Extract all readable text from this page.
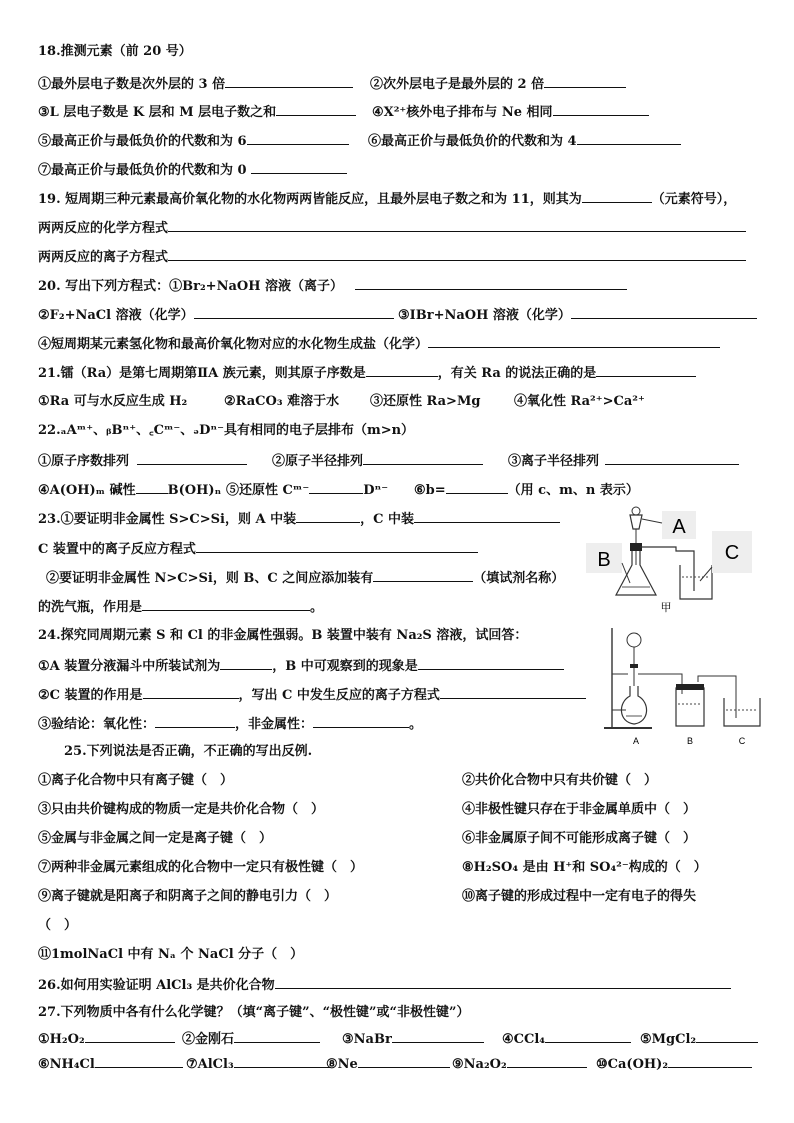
18.推测元素（前 20 号）
①最外层电子数是次外层的 3 倍	②次外层电子是最外层的 2 倍
③L 层电子数是 K 层和 M 层电子数之和	④X²⁺核外电子排布与 Ne 相同
⑤最高正价与最低负价的代数和为 6	⑥最高正价与最低负价的代数和为 4
⑦最高正价与最低负价的代数和为 0
19. 短周期三种元素最高价氧化物的水化物两两皆能反应，且最外层电子数之和为 11，则其为	（元素符号），
两两反应的化学方程式
两两反应的离子方程式
20. 写出下列方程式：①Br₂+NaOH 溶液（离子）
②F₂+NaCl 溶液（化学）	③IBr+NaOH 溶液（化学）
④短周期某元素氢化物和最高价氧化物对应的水化物生成盐（化学）
21.镭（Ra）是第七周期第ⅡA 族元素，则其原子序数是	，有关 Ra 的说法正确的是
①Ra 可与水反应生成 H₂	②RaCO₃ 难溶于水 ③还原性 Ra>Mg	④氧化性 Ra²⁺>Ca²⁺
22.ₐAᵐ⁺、ᵦBⁿ⁺、꜀Cᵐ⁻、ₔDⁿ⁻具有相同的电子层排布（m>n）
①原子序数排列	②原子半径排列	③离子半径排列
④A(OH)ₘ 碱性 B(OH)ₙ ⑤还原性 Cᵐ⁻	Dⁿ⁻ ⑥b=	（用 c、m、n 表示）
23.①要证明非金属性 S>C>Si，则 A 中装	，C 中装
C 装置中的离子反应方程式
②要证明非金属性 N>C>Si，则 B、C 之间应添加装有	（填试剂名称）
的洗气瓶，作用是	。
24.探究同周期元素 S 和 Cl 的非金属性强弱。B 装置中装有 Na₂S 溶液，试回答：
①A 装置分液漏斗中所装试剂为	，B 中可观察到的现象是
②C 装置的作用是	，写出 C 中发生反应的离子方程式
③验结论：氧化性：	，非金属性：	。
25.下列说法是否正确，不正确的写出反例.
①离子化合物中只有离子键（　）	②共价化合物中只有共价键（　）
③只由共价键构成的物质一定是共价化合物（　）	④非极性键只存在于非金属单质中（　）
⑤金属与非金属之间一定是离子键（　）	⑥非金属原子间不可能形成离子键（　）
⑦两种非金属元素组成的化合物中一定只有极性键（　）	⑧H₂SO₄ 是由 H⁺和 SO₄²⁻构成的（　）
⑨离子键就是阳离子和阴离子之间的静电引力（　）	⑩离子键的形成过程中一定有电子的得失
（　）
⑪1molNaCl 中有 Nₐ 个 NaCl 分子（　）
26.如何用实验证明 AlCl₃ 是共价化合物
27.下列物质中各有什么化学键？（填“离子键”、“极性键”或“非极性键”）
①H₂O₂	②金刚石	③NaBr	④CCl₄	⑤MgCl₂
⑥NH₄Cl	⑦AlCl₃	⑧Ne	⑨Na₂O₂	⑩Ca(OH)₂
A
B	C
甲
A	B	C
